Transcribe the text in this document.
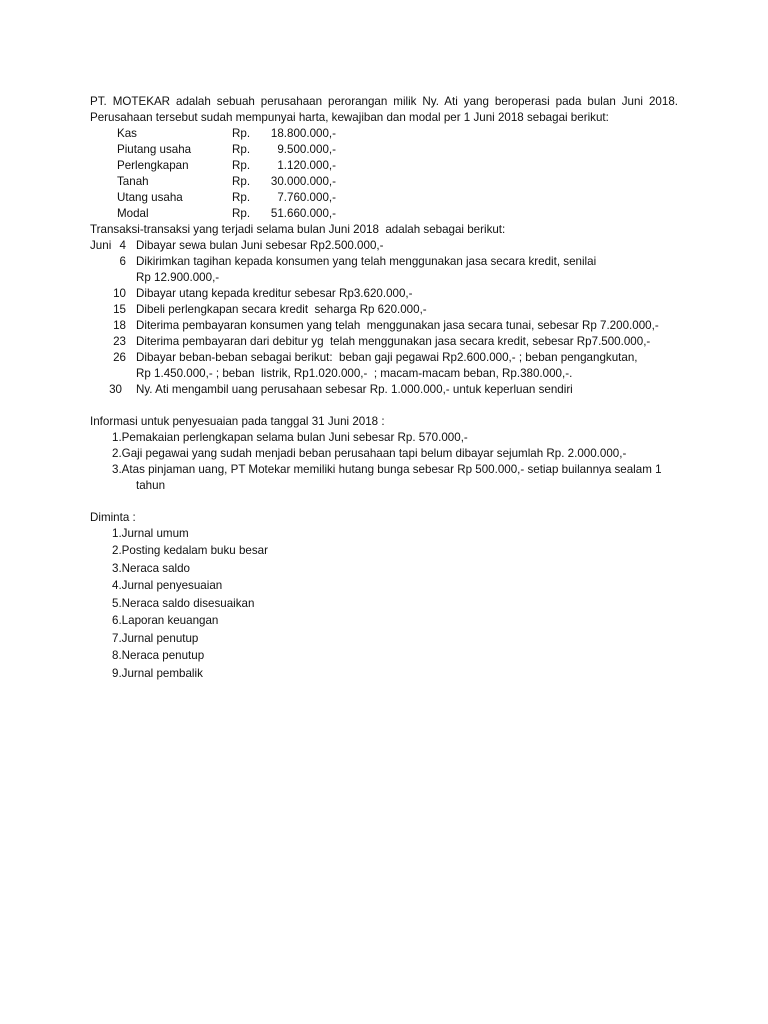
PT. MOTEKAR adalah sebuah perusahaan perorangan milik Ny. Ati yang beroperasi pada bulan Juni 2018.
Perusahaan tersebut sudah mempunyai harta, kewajiban dan modal per 1 Juni 2018 sebagai berikut:
Kas	Rp.	18.800.000,-
Piutang usaha	Rp.	9.500.000,-
Perlengkapan	Rp.	1.120.000,-
Tanah	Rp.	30.000.000,-
Utang usaha	Rp.	7.760.000,-
Modal	Rp.	51.660.000,-
Transaksi-transaksi yang terjadi selama bulan Juni 2018  adalah sebagai berikut:
Juni 4 Dibayar sewa bulan Juni sebesar Rp2.500.000,-
6 Dikirimkan tagihan kepada konsumen yang telah menggunakan jasa secara kredit, senilai
Rp 12.900.000,-
10 Dibayar utang kepada kreditur sebesar Rp3.620.000,-
15 Dibeli perlengkapan secara kredit  seharga Rp 620.000,-
18 Diterima pembayaran konsumen yang telah  menggunakan jasa secara tunai, sebesar Rp 7.200.000,-
23 Diterima pembayaran dari debitur yg  telah menggunakan jasa secara kredit, sebesar Rp7.500.000,-
26 Dibayar beban-beban sebagai berikut:  beban gaji pegawai Rp2.600.000,- ; beban pengangkutan,
Rp 1.450.000,- ; beban  listrik, Rp1.020.000,-  ; macam-macam beban, Rp.380.000,-.
30 Ny. Ati mengambil uang perusahaan sebesar Rp. 1.000.000,- untuk keperluan sendiri
Informasi untuk penyesuaian pada tanggal 31 Juni 2018 :
1.Pemakaian perlengkapan selama bulan Juni sebesar Rp. 570.000,-
2.Gaji pegawai yang sudah menjadi beban perusahaan tapi belum dibayar sejumlah Rp. 2.000.000,-
3.Atas pinjaman uang, PT Motekar memiliki hutang bunga sebesar Rp 500.000,- setiap builannya sealam 1
tahun
Diminta :
1.Jurnal umum
2.Posting kedalam buku besar
3.Neraca saldo
4.Jurnal penyesuaian
5.Neraca saldo disesuaikan
6.Laporan keuangan
7.Jurnal penutup
8.Neraca penutup
9.Jurnal pembalik
